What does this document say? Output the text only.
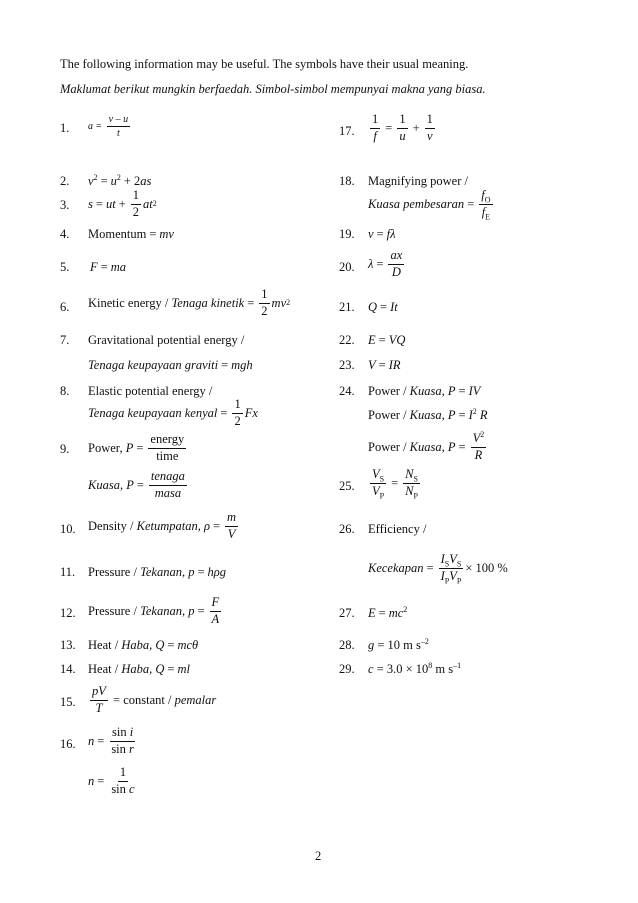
The following information may be useful. The symbols have their usual meaning.
Maklumat berikut mungkin berfaedah. Simbol-simbol mempunyai makna yang biasa.
1. $a = \frac{v - u}{t}$
2. $v^2 = u^2 + 2as$
3. s = ut + $\frac{1}{2}$ at 2
4. Momentum = mv
5. F = ma
6. Kinetic energy /
Tenaga kinetik = $\frac{1}{2}$ mv 2
7. Gravitational potential energy /
Tenaga keupayaan graviti = mgh
8. Elastic potential energy /
Tenaga keupayaan kenyal = $\frac{1}{2}$ Fx
9. Power,
$P = \frac{\text{energy}}{\text{time}}$
Kuasa,
$P = \frac{\text{tenaga}}{\text{masa}}$
10. Density /
Ketumpatan,
$\rho = \frac{m}{V}$
11. Pressure / Tekanan, p = hρg
12. Pressure /
Tekanan,
$p = \frac{F}{A}$
13. Heat / Haba, Q = mcθ
14. Heat / Haba, Q = ml
15. $\frac{pV}{T}$
= constant /
pemalar
16. $n = \frac{\text{sin i}}{\text{sin r}}$
$n = \frac{1}{\text{sin c}}$
17. $\frac{1}{f} = \frac{1}{u} + \frac{1}{v}$
18. Magnifying power /
Kuasa pembesaran = $\frac{f_O}{f_E}$
19. v = fλ
20. $\lambda = \frac{ax}{D}$
21. Q = It
22. E = VQ
23. V = IR
24. Power / Kuasa, P = IV
Power / Kuasa, $P = I^2$ R
Power /
Kuasa,
$P = \frac{V^2}{R}$
25. $\frac{V_S}{V_P} = \frac{N_S}{N_P}$
26. Efficiency /
Kecekapan = $\frac{I_SV_S}{I_PV_P} \times 100$ %
27. $E = mc^2$
28. g = 10 m $s^{-2}$
29. $c = 3.0 \times 10^8$ m $s^{-1}$
2
